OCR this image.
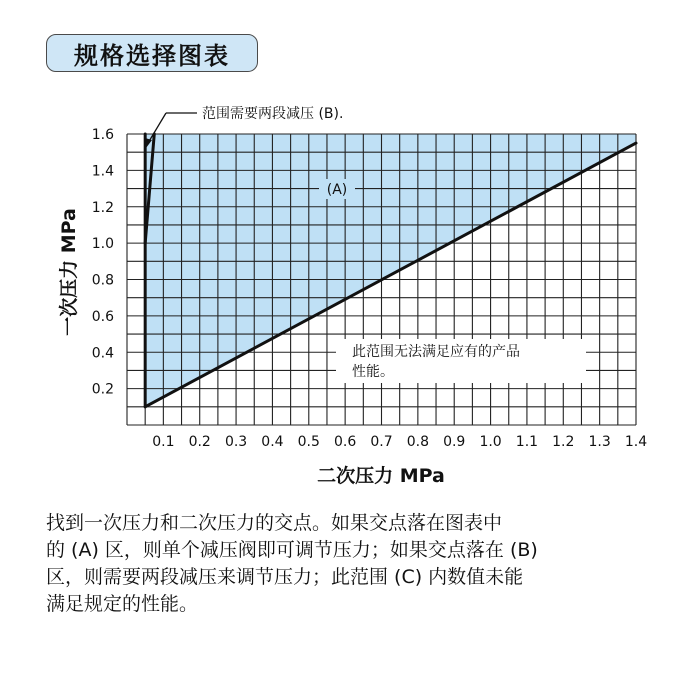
规格选择图表
0.2
0.4
0.6
0.8
1.0
1.2
1.4
1.6
0.1 0.2 0.3 0.4 0.5 0.6 0.7 0.8 0.9 1.0 1.1 1.2 1.3 1.4
二次压力 MPa
一次压力 MPa
范围需要两段减压 (B).
(A)
此范围无法满足应有的产品
性能。

找到一次压力和二次压力的交点。如果交点落在图表中

的 (A) 区，则单个减压阀即可调节压力；如果交点落在 (B)

区，则需要两段减压来调节压力；此范围 (C) 内数值未能

满足规定的性能。
